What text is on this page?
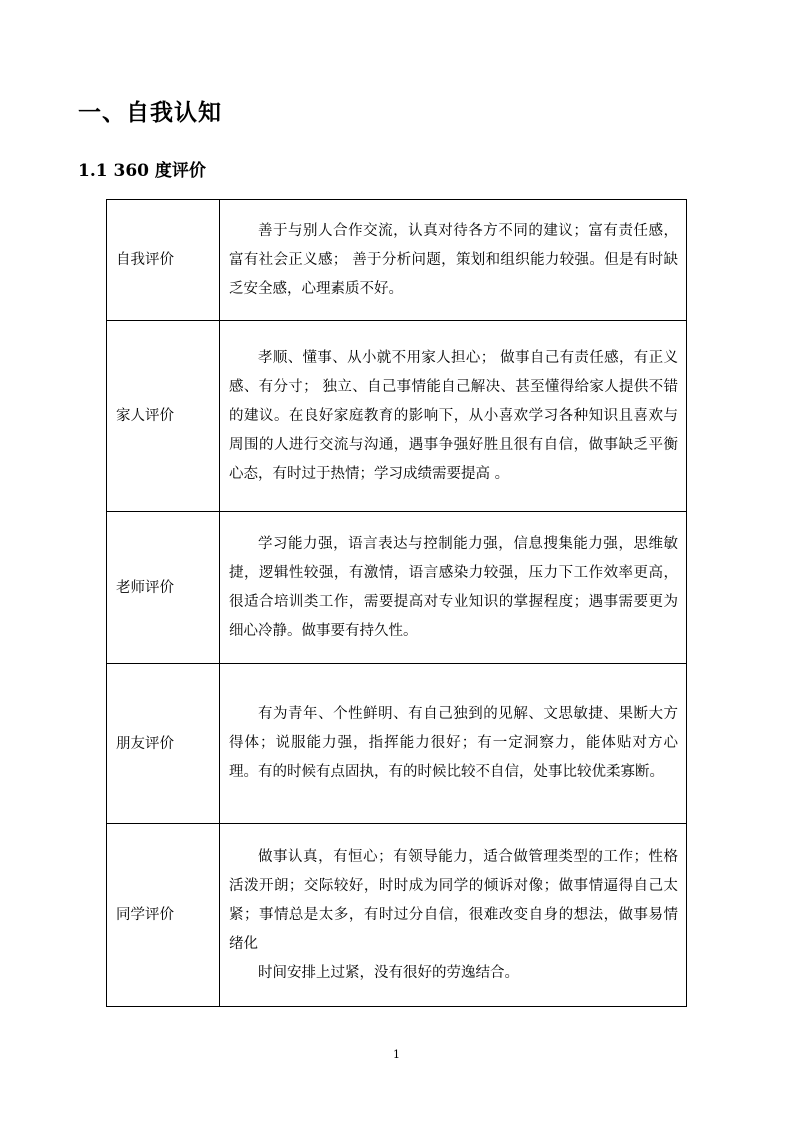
一、自我认知
1.1 360 度评价
自我评价	善于与别人合作交流，认真对待各方不同的建议；富有责任感，富有社会正义感； 善于分析问题，策划和组织能力较强。但是有时缺乏安全感，心理素质不好。

家人评价	孝顺、懂事、从小就不用家人担心； 做事自己有责任感，有正义感、有分寸； 独立、自己事情能自己解决、甚至懂得给家人提供不错的建议。在良好家庭教育的影响下，从小喜欢学习各种知识且喜欢与周围的人进行交流与沟通，遇事争强好胜且很有自信，做事缺乏平衡心态，有时过于热情；学习成绩需要提高 。

老师评价	学习能力强，语言表达与控制能力强，信息搜集能力强，思维敏捷，逻辑性较强，有激情，语言感染力较强，压力下工作效率更高，很适合培训类工作，需要提高对专业知识的掌握程度；遇事需要更为细心冷静。做事要有持久性。

朋友评价	有为青年、个性鲜明、有自己独到的见解、文思敏捷、果断大方得体；说服能力强，指挥能力很好；有一定洞察力，能体贴对方心理。有的时候有点固执，有的时候比较不自信，处事比较优柔寡断。

同学评价	做事认真，有恒心；有领导能力，适合做管理类型的工作；性格活泼开朗；交际较好，时时成为同学的倾诉对像；做事情逼得自己太紧；事情总是太多，有时过分自信，很难改变自身的想法，做事易情绪化

时间安排上过紧，没有很好的劳逸结合。

1
